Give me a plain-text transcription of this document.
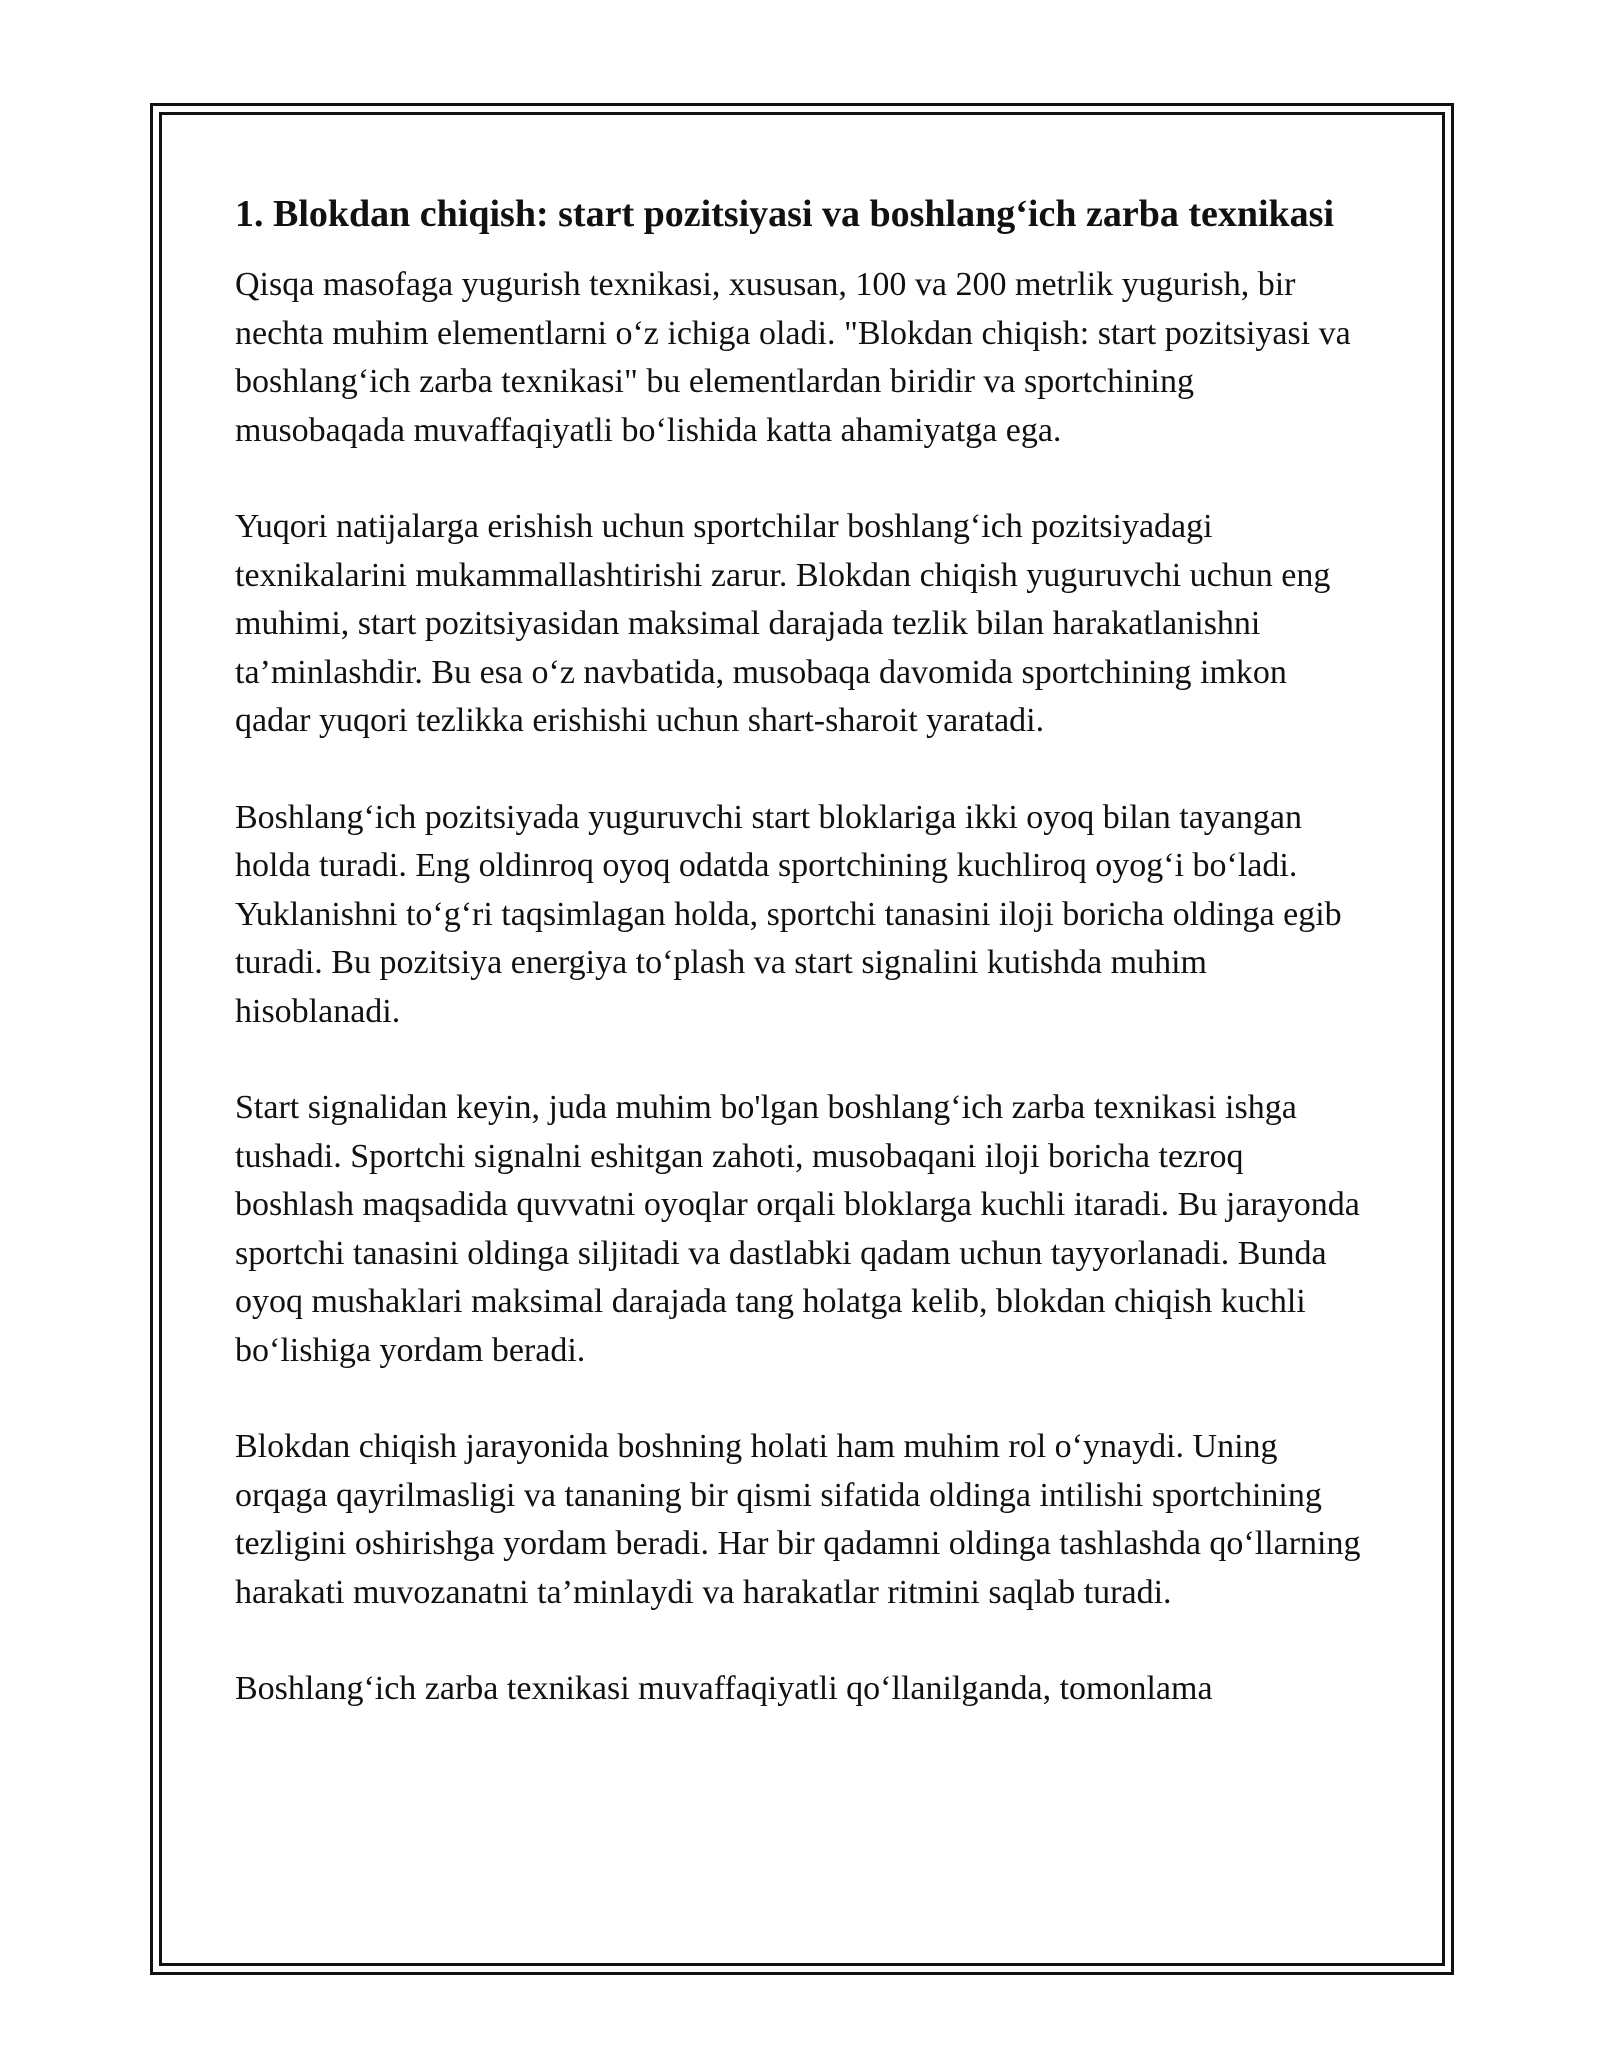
1. Blokdan chiqish: start pozitsiyasi va boshlang‘ich zarba texnikasi

Qisqa masofaga yugurish texnikasi, xususan, 100 va 200 metrlik yugurish, bir nechta muhim elementlarni o‘z ichiga oladi. "Blokdan chiqish: start pozitsiyasi va boshlang‘ich zarba texnikasi" bu elementlardan biridir va sportchining musobaqada muvaffaqiyatli bo‘lishida katta ahamiyatga ega.

Yuqori natijalarga erishish uchun sportchilar boshlang‘ich pozitsiyadagi texnikalarini mukammallashtirishi zarur. Blokdan chiqish yuguruvchi uchun eng muhimi, start pozitsiyasidan maksimal darajada tezlik bilan harakatlanishni ta’minlashdir. Bu esa o‘z navbatida, musobaqa davomida sportchining imkon qadar yuqori tezlikka erishishi uchun shart-sharoit yaratadi.

Boshlang‘ich pozitsiyada yuguruvchi start bloklariga ikki oyoq bilan tayangan holda turadi. Eng oldinroq oyoq odatda sportchining kuchliroq oyog‘i bo‘ladi. Yuklanishni to‘g‘ri taqsimlagan holda, sportchi tanasini iloji boricha oldinga egib turadi. Bu pozitsiya energiya to‘plash va start signalini kutishda muhim hisoblanadi.

Start signalidan keyin, juda muhim bo'lgan boshlang‘ich zarba texnikasi ishga tushadi. Sportchi signalni eshitgan zahoti, musobaqani iloji boricha tezroq boshlash maqsadida quvvatni oyoqlar orqali bloklarga kuchli itaradi. Bu jarayonda sportchi tanasini oldinga siljitadi va dastlabki qadam uchun tayyorlanadi. Bunda oyoq mushaklari maksimal darajada tang holatga kelib, blokdan chiqish kuchli bo‘lishiga yordam beradi.

Blokdan chiqish jarayonida boshning holati ham muhim rol o‘ynaydi. Uning orqaga qayrilmasligi va tananing bir qismi sifatida oldinga intilishi sportchining tezligini oshirishga yordam beradi. Har bir qadamni oldinga tashlashda qo‘llarning harakati muvozanatni ta’minlaydi va harakatlar ritmini saqlab turadi.

Boshlang‘ich zarba texnikasi muvaffaqiyatli qo‘llanilganda, tomonlama
